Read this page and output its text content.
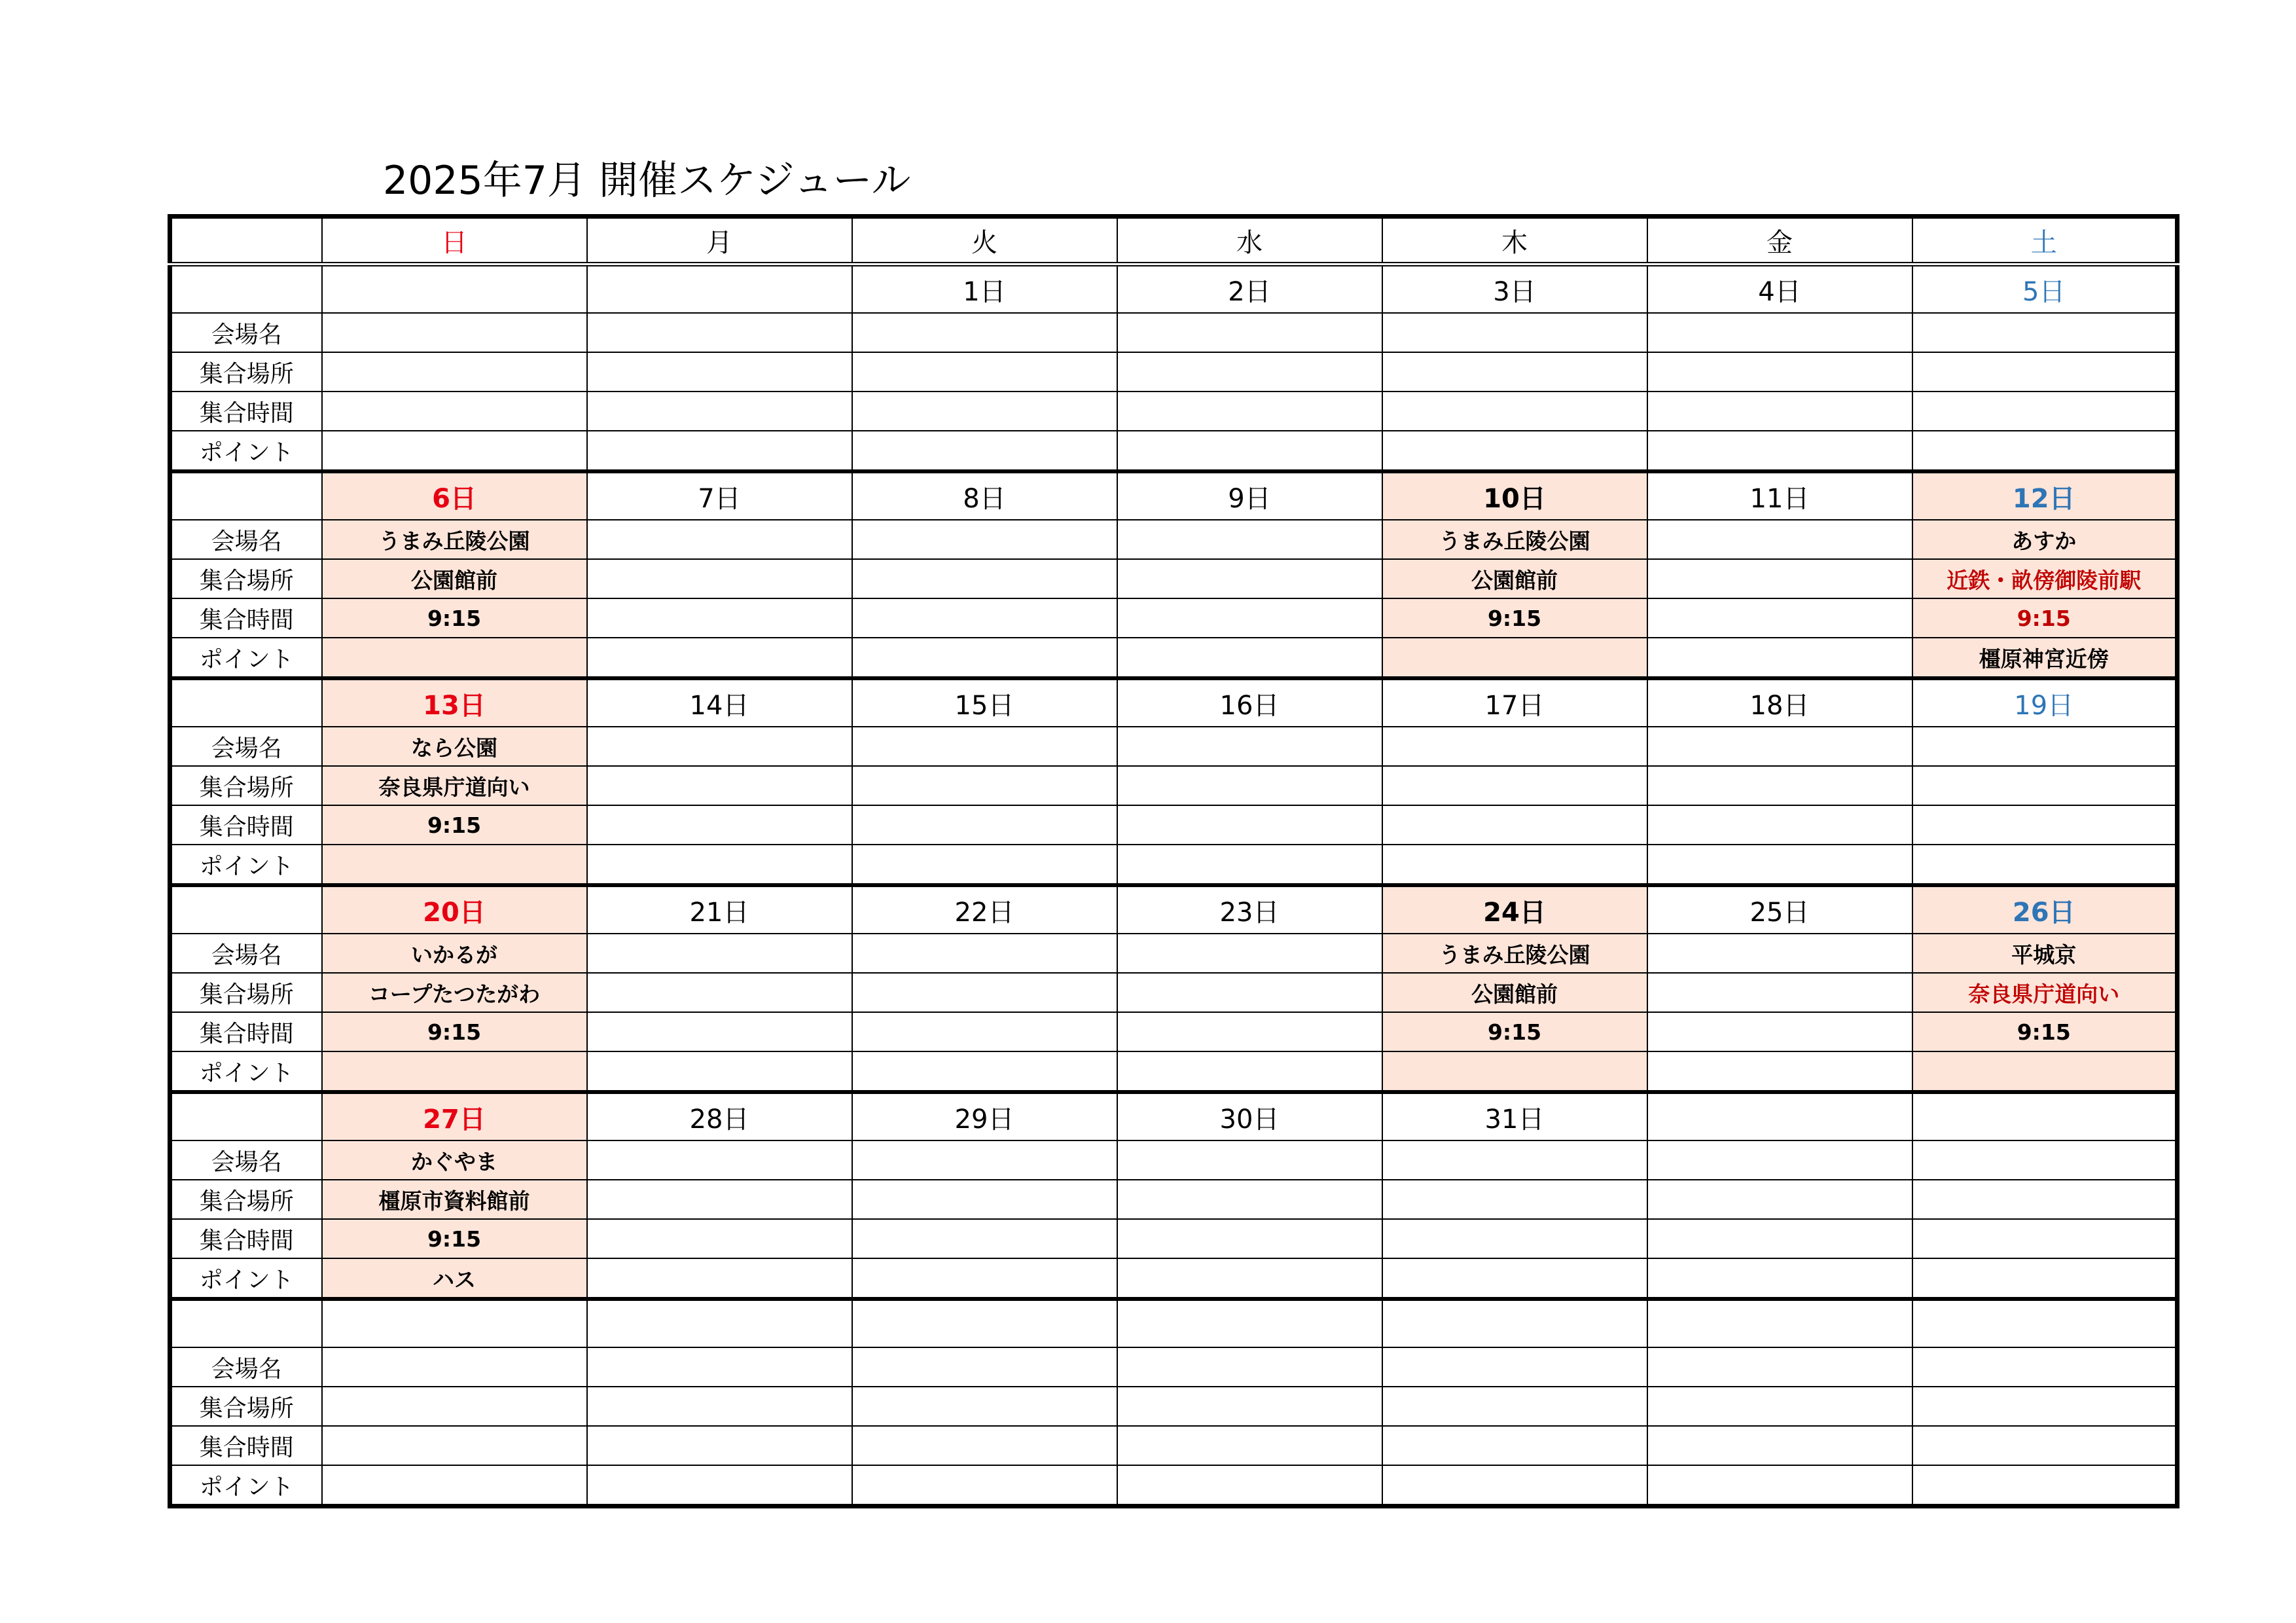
2025年7月 開催スケジュール
	日	月	火	水	木	金	土
			1日	2日	3日	4日	5日
会場名							
集合場所							
集合時間							
ポイント							
	6日	7日	8日	9日	10日	11日	12日
会場名	うまみ丘陵公園				うまみ丘陵公園		あすか
集合場所	公園館前				公園館前		近鉄・畝傍御陵前駅
集合時間	9:15				9:15		9:15
ポイント							橿原神宮近傍
	13日	14日	15日	16日	17日	18日	19日
会場名	なら公園						
集合場所	奈良県庁道向い						
集合時間	9:15						
ポイント							
	20日	21日	22日	23日	24日	25日	26日
会場名	いかるが				うまみ丘陵公園		平城京
集合場所	コープたつたがわ				公園館前		奈良県庁道向い
集合時間	9:15				9:15		9:15
ポイント							
	27日	28日	29日	30日	31日		
会場名	かぐやま						
集合場所	橿原市資料館前						
集合時間	9:15						
ポイント	ハス						

会場名							
集合場所							
集合時間							
ポイント							
